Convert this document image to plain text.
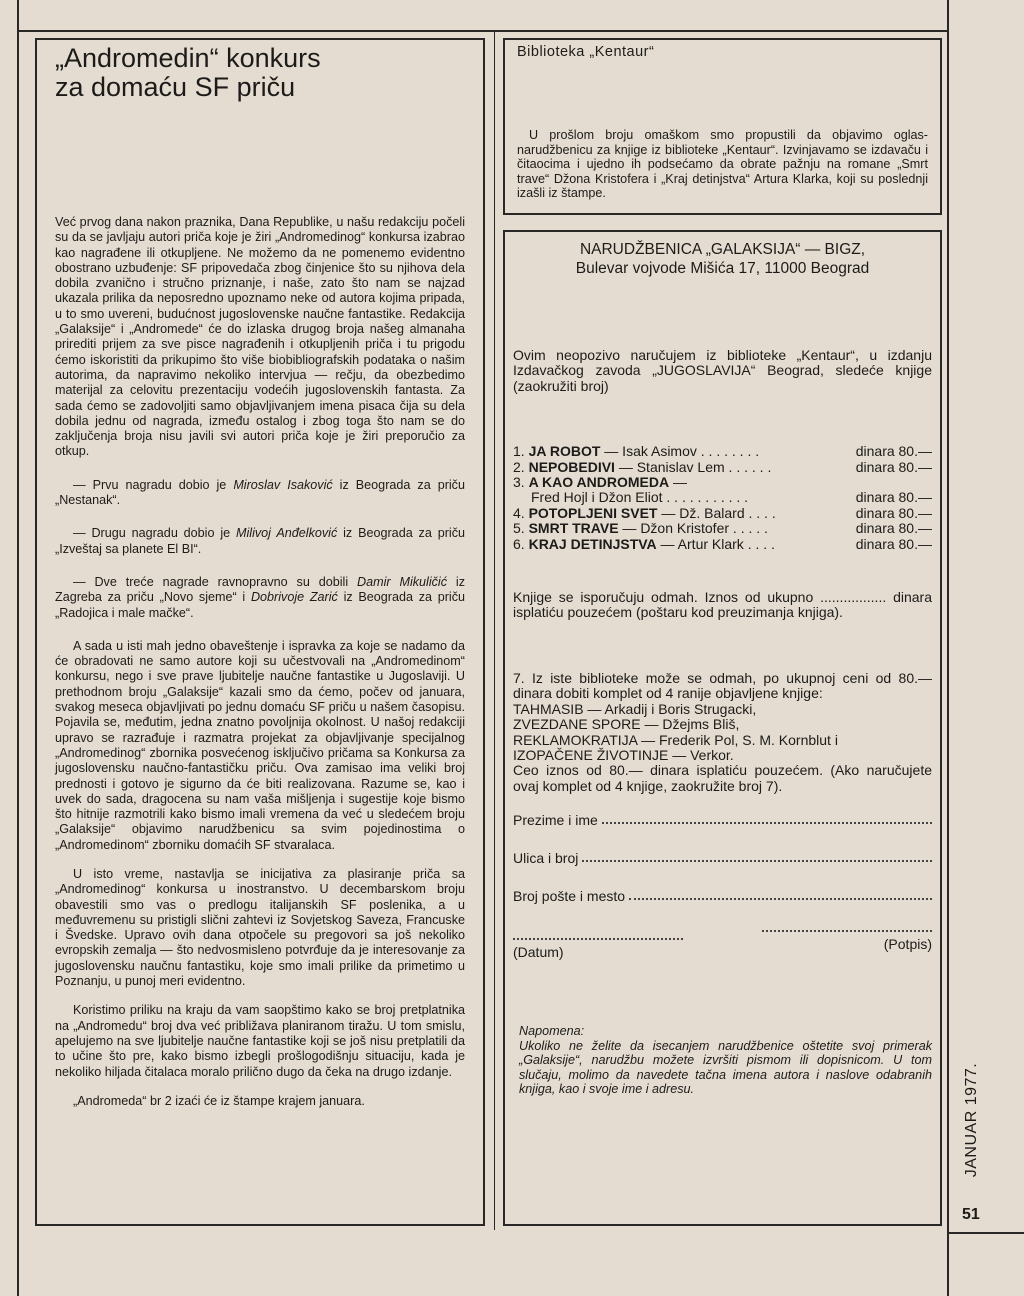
„Andromedin“ konkurs
za domaću SF priču

Već prvog dana nakon praznika, Dana Republike, u našu redakciju počeli su da se javljaju autori priča koje je žiri „Andromedinog“ konkursa izabrao kao nagrađene ili otkupljene. Ne možemo da ne pomenemo evidentno obostrano uzbuđenje: SF pripovedača zbog činjenice što su njihova dela dobila zvanično i stručno priznanje, i naše, zato što nam se najzad ukazala prilika da neposredno upoznamo neke od autora kojima pripada, u to smo uvereni, budućnost jugoslovenske naučne fantastike. Redakcija „Galaksije“ i „Andromede“ će do izlaska drugog broja našeg almanaha prirediti prijem za sve pisce nagrađenih i otkupljenih priča i tu prigodu ćemo iskoristiti da prikupimo što više biobibliografskih podataka o našim autorima, da napravimo nekoliko intervjua — rečju, da obezbedimo materijal za celovitu prezentaciju vodećih jugoslovenskih fantasta. Za sada ćemo se zadovoljiti samo objavljivanjem imena pisaca čija su dela dobila jednu od nagrada, između ostalog i zbog toga što nam se do zaključenja broja nisu javili svi autori priča koje je žiri preporučio za otkup.

— Prvu nagradu dobio je Miroslav Isaković iz Beograda za priču „Nestanak“.

— Drugu nagradu dobio je Milivoj Anđelković iz Beograda za priču „Izveštaj sa planete El BI“.

— Dve treće nagrade ravnopravno su dobili Damir Mikuličić iz Zagreba za priču „Novo sjeme“ i Dobrivoje Zarić iz Beograda za priču „Radojica i male mačke“.

A sada u isti mah jedno obaveštenje i ispravka za koje se nadamo da će obradovati ne samo autore koji su učestvovali na „Andromedinom“ konkursu, nego i sve prave ljubitelje naučne fantastike u Jugoslaviji. U prethodnom broju „Galaksije“ kazali smo da ćemo, počev od januara, svakog meseca objavljivati po jednu domaću SF priču u našem časopisu. Pojavila se, međutim, jedna znatno povoljnija okolnost. U našoj redakciji upravo se razrađuje i razmatra projekat za objavljivanje specijalnog „Andromedinog“ zbornika posvećenog isključivo pričama sa Konkursa za jugoslovensku naučno-fantastičku priču. Ova zamisao ima veliki broj prednosti i gotovo je sigurno da će biti realizovana. Razume se, kao i uvek do sada, dragocena su nam vaša mišljenja i sugestije koje bismo što hitnije razmotrili kako bismo imali vremena da već u sledećem broju „Galaksije“ objavimo narudžbenicu sa svim pojedinostima o „Andromedinom“ zborniku domaćih SF stvaralaca.

U isto vreme, nastavlja se inicijativa za plasiranje priča sa „Andromedinog“ konkursa u inostranstvo. U decembarskom broju obavestili smo vas o predlogu italijanskih SF poslenika, a u međuvremenu su pristigli slični zahtevi iz Sovjetskog Saveza, Francuske i Švedske. Upravo ovih dana otpočele su pregovori sa još nekoliko evropskih zemalja — što nedvosmisleno potvrđuje da je interesovanje za jugoslovensku naučnu fantastiku, koje smo imali prilike da primetimo u Poznanju, u punoj meri evidentno.

Koristimo priliku na kraju da vam saopštimo kako se broj pretplatnika na „Andromedu“ broj dva već približava planiranom tiražu. U tom smislu, apelujemo na sve ljubitelje naučne fantastike koji se još nisu pretplatili da to učine što pre, kako bismo izbegli prošlogodišnju situaciju, kada je nekoliko hiljada čitalaca moralo prilično dugo da čeka na drugo izdanje.

„Andromeda“ br 2 izaći će iz štampe krajem januara.

Biblioteka „Kentaur“

U prošlom broju omaškom smo propustili da objavimo oglas-narudžbenicu za knjige iz biblioteke „Kentaur“. Izvinjavamo se izdavaču i čitaocima i ujedno ih podsećamo da obrate pažnju na romane „Smrt trave“ Džona Kristofera i „Kraj detinjstva“ Artura Klarka, koji su poslednji izašli iz štampe.

NARUDŽBENICA „GALAKSIJA“ — BIGZ,
Bulevar vojvode Mišića 17, 11000 Beograd

Ovim neopozivo naručujem iz biblioteke „Kentaur“, u izdanju Izdavačkog zavoda „JUGOSLAVIJA“ Beograd, sledeće knjige (zaokružiti broj)

1. JA ROBOT — Isak Asimov . . . . . . . .	dinara 80.—
2. NEPOBEDIVI — Stanislav Lem . . . . . .	dinara 80.—
3. A KAO ANDROMEDA —
Fred Hojl i Džon Eliot . . . . . . . . . . .	dinara 80.—
4. POTOPLJENI SVET — Dž. Balard . . . .	dinara 80.—
5. SMRT TRAVE — Džon Kristofer . . . . .	dinara 80.—
6. KRAJ DETINJSTVA — Artur Klark . . . .	dinara 80.—

Knjige se isporučuju odmah. Iznos od ukupno ................. dinara isplatiću pouzećem (poštaru kod preuzimanja knjiga).

7. Iz iste biblioteke može se odmah, po ukupnoj ceni od 80.— dinara dobiti komplet od 4 ranije objavljene knjige:
TAHMASIB — Arkadij i Boris Strugacki,
ZVEZDANE SPORE — Džejms Bliš,
REKLAMOKRATIJA — Frederik Pol, S. M. Kornblut i
IZOPAČENE ŽIVOTINJE — Verkor.
Ceo iznos od 80.— dinara isplatiću pouzećem. (Ako naručujete ovaj komplet od 4 knjige, zaokružite broj 7).
Prezime i ime
Ulica i broj
Broj pošte i mesto
(Datum)	(Potpis)
Napomena:
Ukoliko ne želite da isecanjem narudžbenice oštetite svoj primerak „Galaksije“, narudžbu možete izvršiti pismom ili dopisnicom. U tom slučaju, molimo da navedete tačna imena autora i naslove odabranih knjiga, kao i svoje ime i adresu.	JANUAR 1977.
51
